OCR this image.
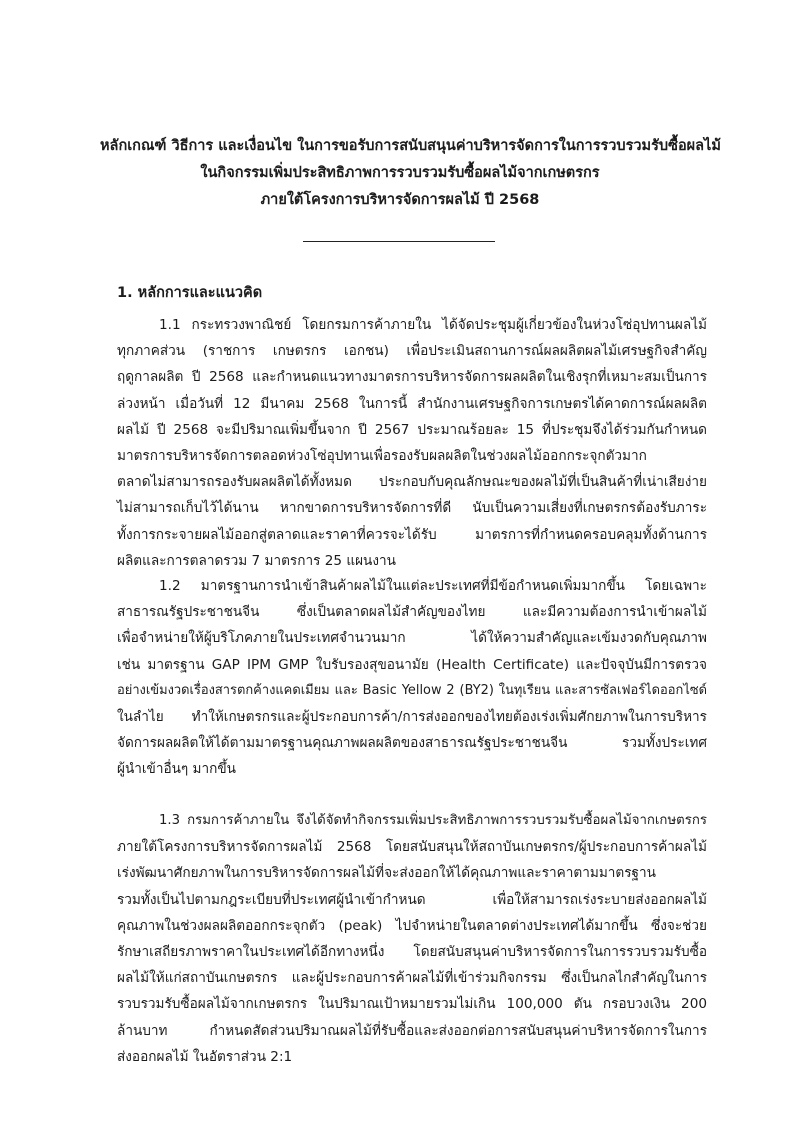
หลักเกณฑ์ วิธีการ และเงื่อนไข ในการขอรับการสนับสนุนค่าบริหารจัดการในการรวบรวมรับซื้อผลไม้
ในกิจกรรมเพิ่มประสิทธิภาพการรวบรวมรับซื้อผลไม้จากเกษตรกร
ภายใต้โครงการบริหารจัดการผลไม้ ปี 2568
1. หลักการและแนวคิด
1.1 กระทรวงพาณิชย์ โดยกรมการค้าภายใน ได้จัดประชุมผู้เกี่ยวข้องในห่วงโซ่อุปทานผลไม้
ทุกภาคส่วน (ราชการ เกษตรกร เอกชน) เพื่อประเมินสถานการณ์ผลผลิตผลไม้เศรษฐกิจสำคัญ
ฤดูกาลผลิต ปี 2568 และกำหนดแนวทางมาตรการบริหารจัดการผลผลิตในเชิงรุกที่เหมาะสมเป็นการ
ล่วงหน้า เมื่อวันที่ 12 มีนาคม 2568 ในการนี้ สำนักงานเศรษฐกิจการเกษตรได้คาดการณ์ผลผลิต
ผลไม้ ปี 2568 จะมีปริมาณเพิ่มขึ้นจาก ปี 2567 ประมาณร้อยละ 15 ที่ประชุมจึงได้ร่วมกันกำหนด
มาตรการบริหารจัดการตลอดห่วงโซ่อุปทานเพื่อรองรับผลผลิตในช่วงผลไม้ออกกระจุกตัวมาก
ตลาดไม่สามารถรองรับผลผลิตได้ทั้งหมด ประกอบกับคุณลักษณะของผลไม้ที่เป็นสินค้าที่เน่าเสียง่าย
ไม่สามารถเก็บไว้ได้นาน หากขาดการบริหารจัดการที่ดี นับเป็นความเสี่ยงที่เกษตรกรต้องรับภาระ
ทั้งการกระจายผลไม้ออกสู่ตลาดและราคาที่ควรจะได้รับ มาตรการที่กำหนดครอบคลุมทั้งด้านการ
ผลิตและการตลาดรวม 7 มาตรการ 25 แผนงาน
1.2 มาตรฐานการนำเข้าสินค้าผลไม้ในแต่ละประเทศที่มีข้อกำหนดเพิ่มมากขึ้น โดยเฉพาะ
สาธารณรัฐประชาชนจีน ซึ่งเป็นตลาดผลไม้สำคัญของไทย และมีความต้องการนำเข้าผลไม้
เพื่อจำหน่ายให้ผู้บริโภคภายในประเทศจำนวนมาก ได้ให้ความสำคัญและเข้มงวดกับคุณภาพ
เช่น มาตรฐาน GAP IPM GMP ใบรับรองสุขอนามัย (Health Certificate) และปัจจุบันมีการตรวจ
อย่างเข้มงวดเรื่องสารตกค้างแคดเมียม และ Basic Yellow 2 (BY2) ในทุเรียน และสารซัลเฟอร์ไดออกไซด์
ในลำไย ทำให้เกษตรกรและผู้ประกอบการค้า/การส่งออกของไทยต้องเร่งเพิ่มศักยภาพในการบริหาร
จัดการผลผลิตให้ได้ตามมาตรฐานคุณภาพผลผลิตของสาธารณรัฐประชาชนจีน รวมทั้งประเทศ
ผู้นำเข้าอื่นๆ มากขึ้น
1.3 กรมการค้าภายใน จึงได้จัดทำกิจกรรมเพิ่มประสิทธิภาพการรวบรวมรับซื้อผลไม้จากเกษตรกร
ภายใต้โครงการบริหารจัดการผลไม้ 2568 โดยสนับสนุนให้สถาบันเกษตรกร/ผู้ประกอบการค้าผลไม้
เร่งพัฒนาศักยภาพในการบริหารจัดการผลไม้ที่จะส่งออกให้ได้คุณภาพและราคาตามมาตรฐาน
รวมทั้งเป็นไปตามกฎระเบียบที่ประเทศผู้นำเข้ากำหนด เพื่อให้สามารถเร่งระบายส่งออกผลไม้
คุณภาพในช่วงผลผลิตออกกระจุกตัว (peak) ไปจำหน่ายในตลาดต่างประเทศได้มากขึ้น ซึ่งจะช่วย
รักษาเสถียรภาพราคาในประเทศได้อีกทางหนึ่ง โดยสนับสนุนค่าบริหารจัดการในการรวบรวมรับซื้อ
ผลไม้ให้แก่สถาบันเกษตรกร และผู้ประกอบการค้าผลไม้ที่เข้าร่วมกิจกรรม ซึ่งเป็นกลไกสำคัญในการ
รวบรวมรับซื้อผลไม้จากเกษตรกร ในปริมาณเป้าหมายรวมไม่เกิน 100,000 ตัน กรอบวงเงิน 200
ล้านบาท กำหนดสัดส่วนปริมาณผลไม้ที่รับซื้อและส่งออกต่อการสนับสนุนค่าบริหารจัดการในการ
ส่งออกผลไม้ ในอัตราส่วน 2:1
